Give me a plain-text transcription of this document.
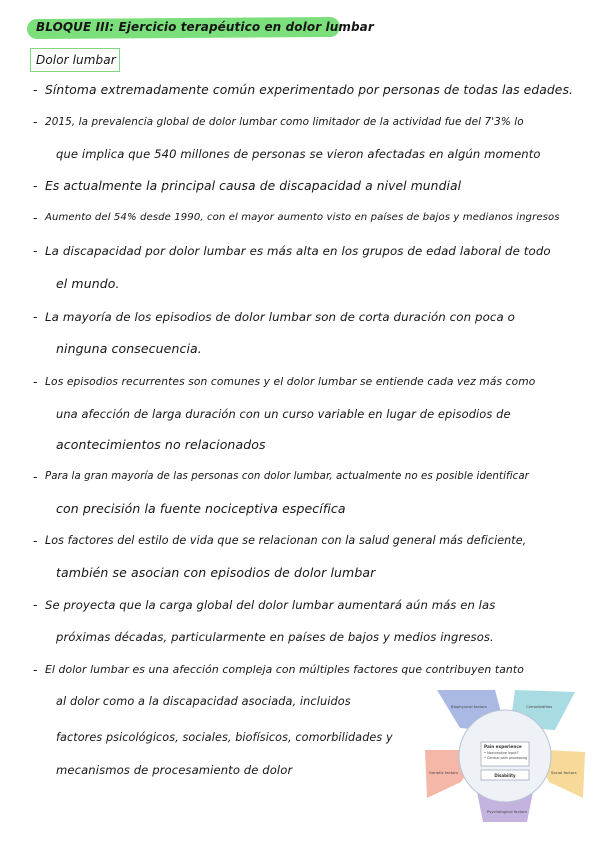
BLOQUE III: Ejercicio terapéutico en dolor lumbar
Dolor lumbar
-
-
-
-
-
-
-
-
-
-
-
Síntoma extremadamente común experimentado por personas de todas las edades.
2015, la prevalencia global de dolor lumbar como limitador de la actividad fue del 7'3% lo
que implica que 540 millones de personas se vieron afectadas en algún momento
Es actualmente la principal causa de discapacidad a nivel mundial
Aumento del 54% desde 1990, con el mayor aumento visto en países de bajos y medianos ingresos
La discapacidad por dolor lumbar es más alta en los grupos de edad laboral de todo
el mundo.
La mayoría de los episodios de dolor lumbar son de corta duración con poca o
ninguna consecuencia.
Los episodios recurrentes son comunes y el dolor lumbar se entiende cada vez más como
una afección de larga duración con un curso variable en lugar de episodios de
acontecimientos no relacionados
Para la gran mayoría de las personas con dolor lumbar, actualmente no es posible identificar
con precisión la fuente nociceptiva específica
Los factores del estilo de vida que se relacionan con la salud general más deficiente,
también se asocian con episodios de dolor lumbar
Se proyecta que la carga global del dolor lumbar aumentará aún más en las
próximas décadas, particularmente en países de bajos y medios ingresos.
El dolor lumbar es una afección compleja con múltiples factores que contribuyen tanto
al dolor como a la discapacidad asociada, incluidos
factores psicológicos, sociales, biofísicos, comorbilidades y
mecanismos de procesamiento de dolor
Pain experience
• Nociceptive input?
• Central pain processing
Disability
Biophysical factors	Comorbidities
Genetic factors	Social factors
Psychological factors
